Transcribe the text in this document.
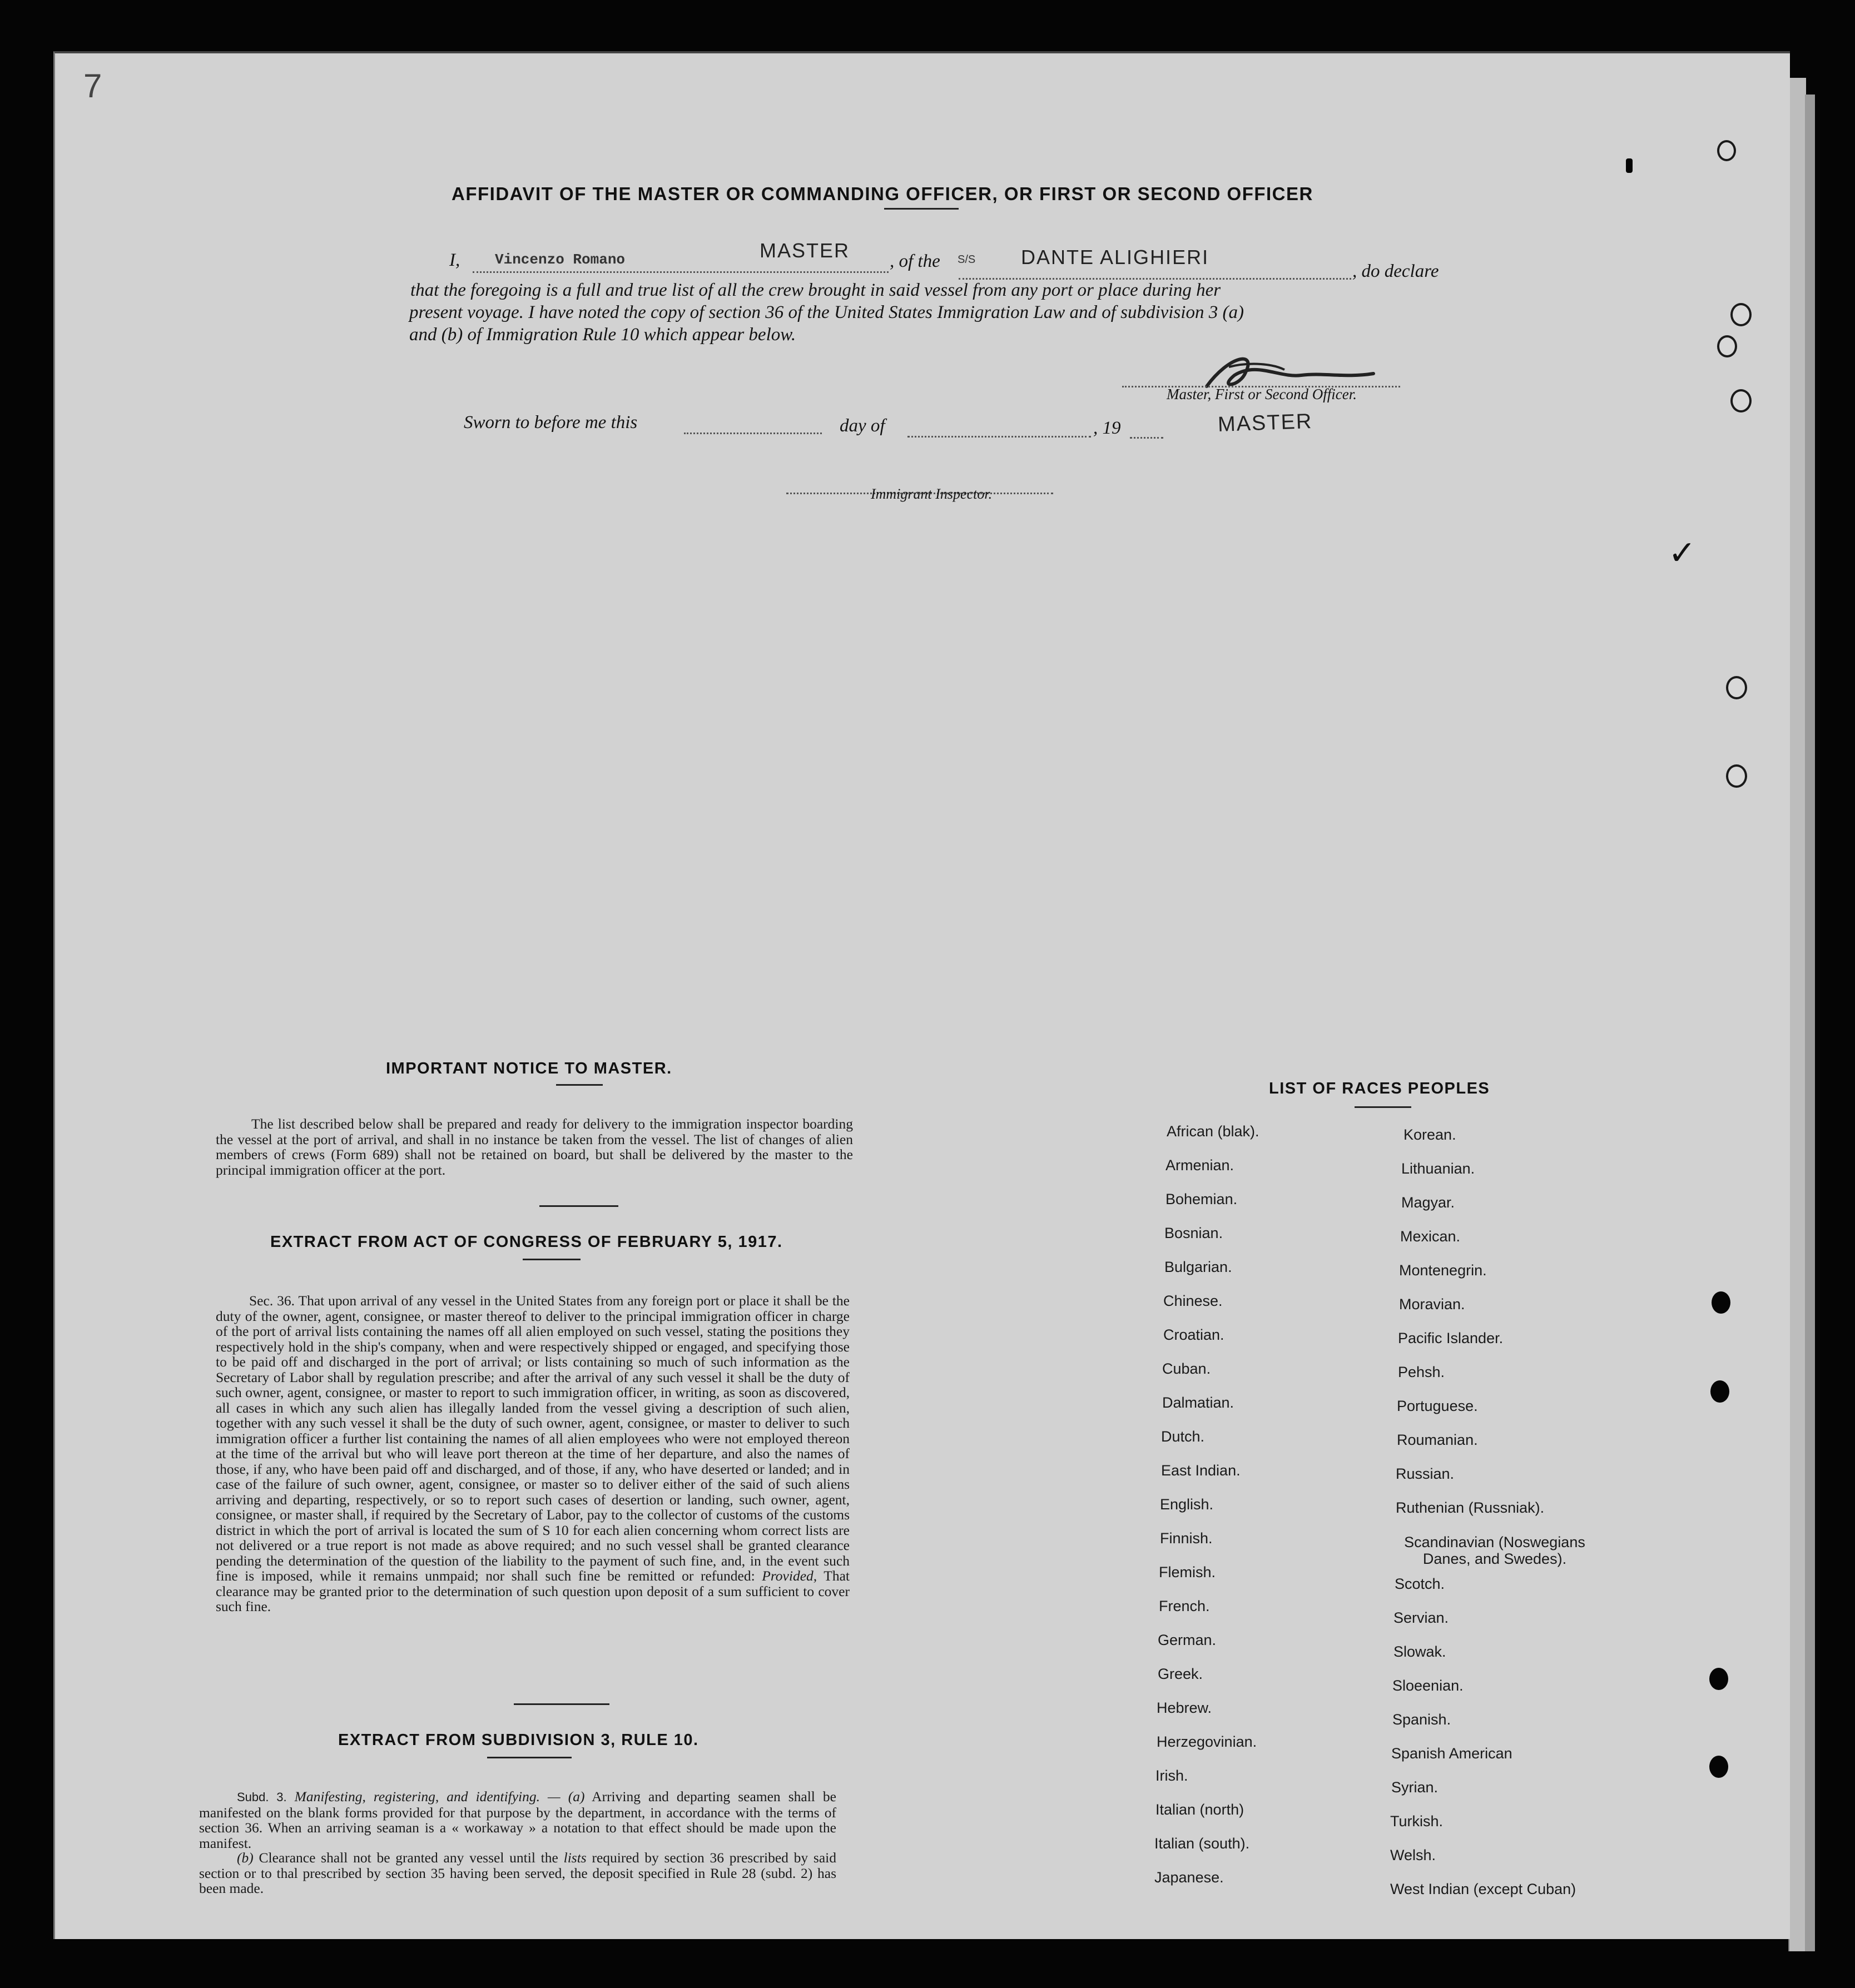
7
✓
AFFIDAVIT OF THE MASTER OR COMMANDING OFFICER, OR FIRST OR SECOND OFFICER
I, Vincenzo Romano	MASTER , of the S/S DANTE ALIGHIERI
, do declare
that the foregoing is a full and true list of all the crew brought in said vessel from any port or place during her
present voyage. I have noted the copy of section 36 of the United States Immigration Law and of subdivision 3 (a)
and (b) of Immigration Rule 10 which appear below.
Master, First or Second Officer.
Sworn to before me this	day of	, 19	MASTER
Immigrant Inspector.
IMPORTANT NOTICE TO MASTER.
The list described below shall be prepared and ready for delivery to the immigration inspector boarding the vessel at the port of arrival, and shall in no instance be taken from the vessel. The list of changes of alien members of crews (Form 689) shall not be retained on board, but shall be delivered by the master to the principal immigration officer at the port.
EXTRACT FROM ACT OF CONGRESS OF FEBRUARY 5, 1917.
Sec. 36. That upon arrival of any vessel in the United States from any foreign port or place it shall be the duty of the owner, agent, consignee, or master thereof to deliver to the principal immigration officer in charge of the port of arrival lists containing the names off all alien employed on such vessel, stating the positions they respectively hold in the ship's company, when and were respectively shipped or engaged, and specifying those to be paid off and discharged in the port of arrival; or lists containing so much of such information as the Secretary of Labor shall by regulation prescribe; and after the arrival of any such vessel it shall be the duty of such owner, agent, consignee, or master to report to such immigration officer, in writing, as soon as discovered, all cases in which any such alien has illegally landed from the vessel giving a description of such alien, together with any such vessel it shall be the duty of such owner, agent, consignee, or master to deliver to such immigration officer a further list containing the names of all alien employees who were not employed thereon at the time of the arrival but who will leave port thereon at the time of her departure, and also the names of those, if any, who have been paid off and discharged, and of those, if any, who have deserted or landed; and in case of the failure of such owner, agent, consignee, or master so to deliver either of the said of such aliens arriving and departing, respectively, or so to report such cases of desertion or landing, such owner, agent, consignee, or master shall, if required by the Secretary of Labor, pay to the collector of customs of the customs district in which the port of arrival is located the sum of S 10 for each alien concerning whom correct lists are not delivered or a true report is not made as above required; and no such vessel shall be granted clearance pending the determination of the question of the liability to the payment of such fine, and, in the event such fine is imposed, while it remains unmpaid; nor shall such fine be remitted or refunded: Provided, That clearance may be granted prior to the determination of such question upon deposit of a sum sufficient to cover such fine.
EXTRACT FROM SUBDIVISION 3, RULE 10.
Subd. 3. Manifesting, registering, and identifying. — (a) Arriving and departing seamen shall be manifested on the blank forms provided for that purpose by the department, in accordance with the terms of section 36. When an arriving seaman is a « workaway » a notation to that effect should be made upon the manifest.
(b) Clearance shall not be granted any vessel until the lists required by section 36 prescribed by said section or to thal prescribed by section 35 having been served, the deposit specified in Rule 28 (subd. 2) has been made.
LIST OF RACES PEOPLES
African (blak).
Armenian.
Bohemian.
Bosnian.
Bulgarian.
Chinese.
Croatian.
Cuban.
Dalmatian.
Dutch.
East Indian.
English.
Finnish.
Flemish.
French.
German.
Greek.
Hebrew.
Herzegovinian.
Irish.
Italian (north)
Italian (south).
Japanese.
Korean.
Lithuanian.
Magyar.
Mexican.
Montenegrin.
Moravian.
Pacific Islander.
Pehsh.
Portuguese.
Roumanian.
Russian.
Ruthenian (Russniak).
Scandinavian (Noswegians Danes, and Swedes).
Scotch.
Servian.
Slowak.
Sloeenian.
Spanish.
Spanish American
Syrian.
Turkish.
Welsh.
West Indian (except Cuban)
